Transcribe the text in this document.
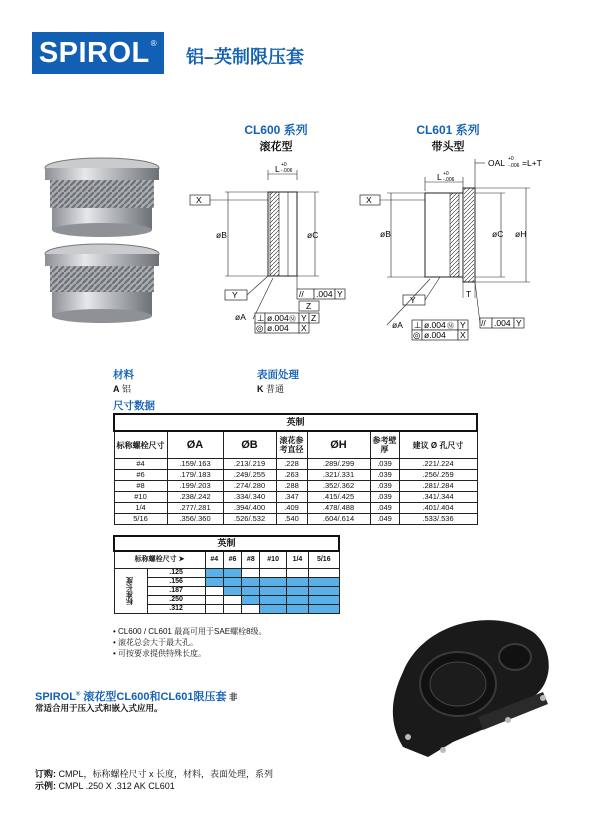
SPIROL®
铝–英制限压套
CL600 系列
滚花型
CL601 系列
带头型
L +0
-.006
X
øB	øC
Y	// .004 Y
Z
øA ⊥ ø.004 Ⓜ Y Z
◎ ø.004 X
OAL +0
-.006 =L+T
L +0
-.006
X
øB	øC øH
T
Y
// .004 Y
øA ⊥ ø.004 Ⓜ Y
◎ ø.004 X
材料
A 铝
表面处理
K 普通
尺寸数据
英制						
标称螺栓尺寸	ØA	ØB	滚花参考直径	ØH	参考壁厚	建议 Ø 孔尺寸
#4	.159/.163	.213/.219	.228	.289/.299	.039	.221/.224
#6	.179/.183	.249/.255	.263	.321/.331	.039	.256/.259
#8	.199/.203	.274/.280	.288	.352/.362	.039	.281/.284
#10	.238/.242	.334/.340	.347	.415/.425	.039	.341/.344
1/4	.277/.281	.394/.400	.409	.478/.488	.049	.401/.404
5/16	.356/.360	.526/.532	.540	.604/.614	.049	.533/.536
英制							
标称螺栓尺寸 ➤		#4	#6	#8	#10	1/4	5/16
标准长度	.125						
	.156						
	.187						
	.250						
	.312						
• CL600 / CL601 最高可用于SAE螺栓8级。
• 滚花总会大于最大孔。
• 可按要求提供特殊长度。
SPIROL® 滚花型CL600和CL601限压套 非
常适合用于压入式和嵌入式应用。
订购: CMPL，标称螺栓尺寸 x 长度，材料，表面处理，系列
示例: CMPL .250 X .312 AK CL601
